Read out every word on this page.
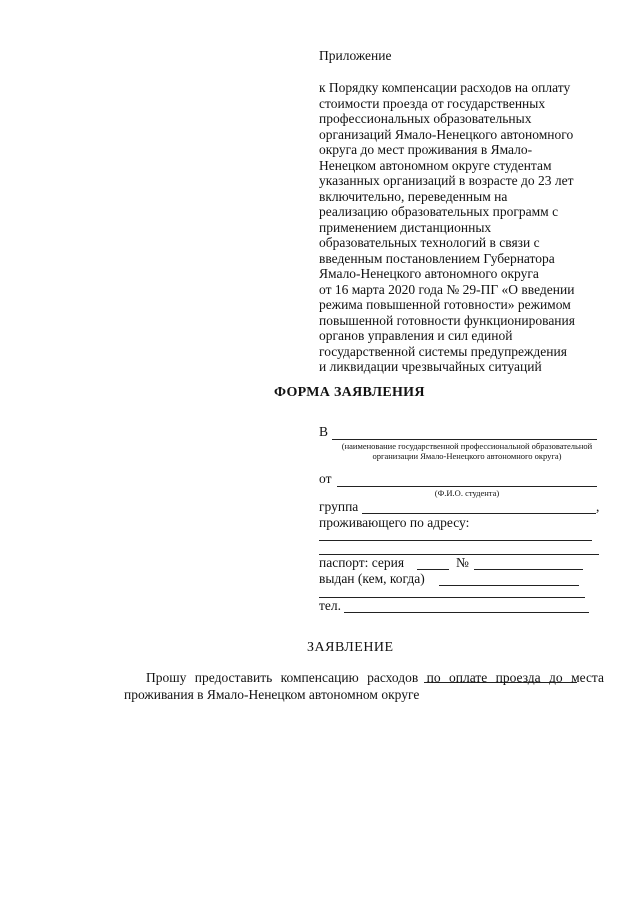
Приложение
к Порядку компенсации расходов на оплату
стоимости проезда от государственных
профессиональных образовательных
организаций Ямало-Ненецкого автономного
округа до мест проживания в Ямало-
Ненецком автономном округе студентам
указанных организаций в возрасте до 23 лет
включительно, переведенным на
реализацию образовательных программ с
применением дистанционных
образовательных технологий в связи с
введенным постановлением Губернатора
Ямало-Ненецкого автономного округа
от 16 марта 2020 года № 29-ПГ «О введении
режима повышенной готовности» режимом
повышенной готовности функционирования
органов управления и сил единой
государственной системы предупреждения
и ликвидации чрезвычайных ситуаций
ФОРМА ЗАЯВЛЕНИЯ
В
(наименование государственной профессиональной образовательной организации Ямало-Ненецкого автономного округа)
от
(Ф.И.О. студента)
группа	,
проживающего по адресу:
паспорт: серия	№
выдан (кем, когда)
тел.
ЗАЯВЛЕНИЕ
Прошу предоставить компенсацию расходов по оплате проезда до места
проживания в Ямало-Ненецком автономном округе
